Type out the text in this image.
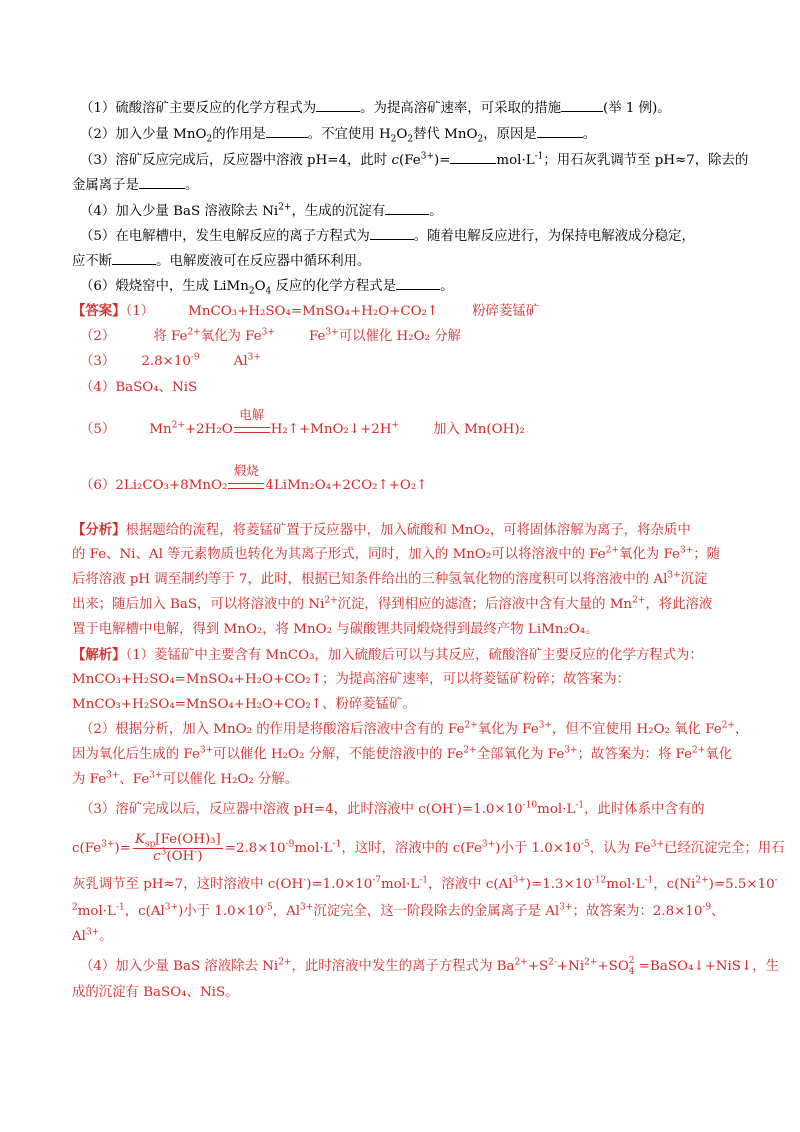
（1）硫酸溶矿主要反应的化学方程式为	。为提高溶矿速率，可采取的措施	(举 1 例)。
（2）加入少量 MnO$_2$的作用是	。不宜使用 $H_2O_2$替代 MnO$_2$，原因是	。
（3）溶矿反应完成后，反应器中溶液 pH=4，此时 $c(Fe^{3+})=$	$mol\cdot L^{-1}$；用石灰乳调节至 pH≈7，除去的
金属离子是	。
（4）加入少量 BaS 溶液除去 $Ni^{2+}$，生成的沉淀有	。
（5）在电解槽中，发生电解反应的离子方程式为	。随着电解反应进行，为保持电解液成分稳定，
应不断	。电解废液可在反应器中循环利用。
（6）煅烧窑中，生成 $LiMn_2O_4$ 反应的化学方程式是	。
【答案】（1）	MnCO₃+H₂SO₄=MnSO₄+H₂O+CO₂↑	粉碎菱锰矿
（2）	将 $Fe^{2+}$氧化为 $Fe^{3+}$	$Fe^{3+}$可以催化 H₂O₂ 分解
（3） $2.8\times 10^{-9}$	$Al^{3+}$
（4）BaSO₄、NiS
（5）	$Mn^{2+}+2H_2O$
电解
H₂↑+MnO₂↓+2H+	加入 Mn(OH)₂
（6）2Li₂CO₃+8MnO₂
煅烧
4LiMn₂O₄+2CO₂↑+O₂↑
【分析】根据题给的流程，将菱锰矿置于反应器中，加入硫酸和 MnO₂，可将固体溶解为离子，将杂质中
的 Fe、Ni、Al 等元素物质也转化为其离子形式，同时，加入的 MnO₂可以将溶液中的 $Fe^{2+}$氧化为 $Fe^{3+}$；随
后将溶液 pH 调至制约等于 7，此时，根据已知条件给出的三种氢氧化物的溶度积可以将溶液中的 $Al^{3+}$沉淀
出来；随后加入 BaS，可以将溶液中的 $Ni^{2+}$沉淀，得到相应的滤渣；后溶液中含有大量的 $Mn^{2+}$，将此溶液
置于电解槽中电解，得到 MnO₂，将 MnO₂ 与碳酸锂共同煅烧得到最终产物 LiMn₂O₄。
【解析】（1）菱锰矿中主要含有 MnCO₃，加入硫酸后可以与其反应，硫酸溶矿主要反应的化学方程式为：
MnCO₃+H₂SO₄=MnSO₄+H₂O+CO₂↑；为提高溶矿速率，可以将菱锰矿粉碎；故答案为：
MnCO₃+H₂SO₄=MnSO₄+H₂O+CO₂↑、粉碎菱锰矿。
（2）根据分析，加入 MnO₂ 的作用是将酸溶后溶液中含有的 $Fe^{2+}$氧化为 $Fe^{3+}$，但不宜使用 H₂O₂ 氧化 $Fe^{2+}$，
因为氧化后生成的 $Fe^{3+}$可以催化 H₂O₂ 分解，不能使溶液中的 $Fe^{2+}$全部氧化为 $Fe^{3+}$；故答案为：将 $Fe^{2+}$氧化
为 $Fe^{3+}$、$Fe^{3+}$可以催化 H₂O₂ 分解。
（3）溶矿完成以后，反应器中溶液 pH=4，此时溶液中 $c(OH^-)=1.0\times 10^{-10}mol\cdot L^{-1}$，此时体系中含有的
$c(Fe^{3+})= \frac{K_{sp}[Fe(OH)_3]}{c^3(OH^-)} =2.8\times 10^{-9}mol\cdot L^{-1}$，这时，溶液中的 $c(Fe^{3+})$小于 $1.0\times 10^{-5}$，认为 $Fe^{3+}$已经沉淀完全；用石
灰乳调节至 pH≈7，这时溶液中 $c(OH^-)=1.0\times 10^{-7}mol\cdot L^{-1}$，溶液中 $c(Al^{3+})=1.3\times 10^{-12}mol\cdot L^{-1}$，$c(Ni^{2+})=5.5\times 10^-$
$^2mol\cdot L^{-1}$，$c(Al^{3+})$小于 $1.0\times 10^{-5}$，$Al^{3+}$沉淀完全，这一阶段除去的金属离子是 $Al^{3+}$；故答案为：$2.8\times 10^{-9}$、
$Al^{3+}$。
（4）加入少量 BaS 溶液除去 $Ni^{2+}$，此时溶液中发生的离子方程式为 $Ba^{2+}+S^{2-}+Ni^{2+}+SO$ 2
4 =BaSO₄↓+NiS↓，生
成的沉淀有 BaSO₄、NiS。
